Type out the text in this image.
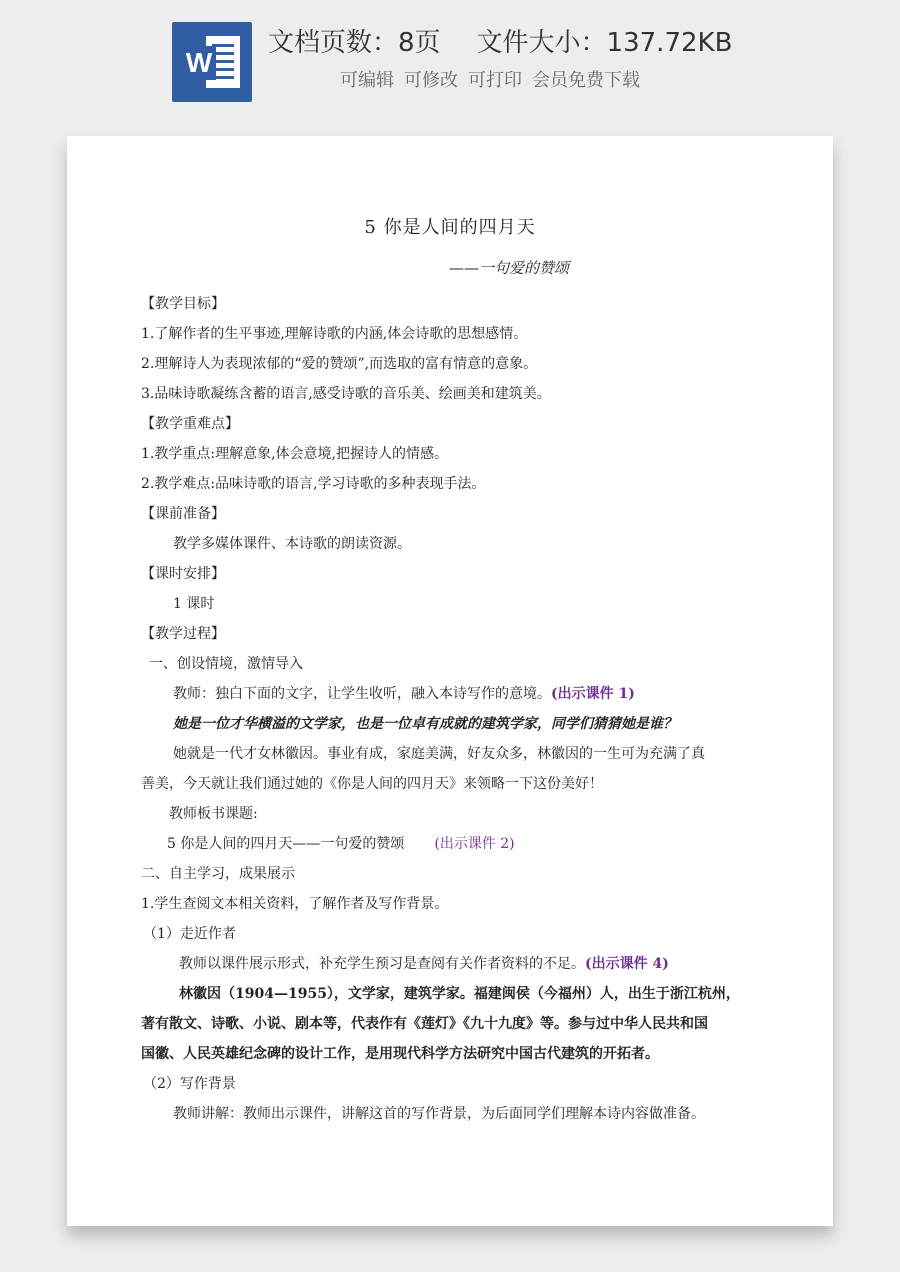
W
文档页数：8页 文件大小：137.72KB
可编辑 可修改 可打印 会员免费下载
5 你是人间的四月天
——一句爱的赞颂
【教学目标】
1.了解作者的生平事迹,理解诗歌的内涵,体会诗歌的思想感情。
2.理解诗人为表现浓郁的“爱的赞颂”,而选取的富有情意的意象。
3.品味诗歌凝练含蓄的语言,感受诗歌的音乐美、绘画美和建筑美。
【教学重难点】
1.教学重点:理解意象,体会意境,把握诗人的情感。
2.教学难点:品味诗歌的语言,学习诗歌的多种表现手法。
【课前准备】
教学多媒体课件、本诗歌的朗读资源。
【课时安排】
1 课时
【教学过程】
一、创设情境，激情导入
教师：独白下面的文字，让学生收听，融入本诗写作的意境。(出示课件 1)
她是一位才华横溢的文学家，也是一位卓有成就的建筑学家，同学们猜猜她是谁？
她就是一代才女林徽因。事业有成，家庭美满，好友众多，林徽因的一生可为充满了真
善美，今天就让我们通过她的《你是人间的四月天》来领略一下这份美好！
教师板书课题:
5 你是人间的四月天——一句爱的赞颂 (出示课件 2)
二、自主学习，成果展示
1.学生查阅文本相关资料，了解作者及写作背景。
（1）走近作者
教师以课件展示形式，补充学生预习是查阅有关作者资料的不足。(出示课件 4)
林徽因（1904—1955），文学家，建筑学家。福建闽侯（今福州）人，出生于浙江杭州，
著有散文、诗歌、小说、剧本等，代表作有《莲灯》《九十九度》等。参与过中华人民共和国
国徽、人民英雄纪念碑的设计工作，是用现代科学方法研究中国古代建筑的开拓者。
（2）写作背景
教师讲解：教师出示课件，讲解这首的写作背景，为后面同学们理解本诗内容做准备。
